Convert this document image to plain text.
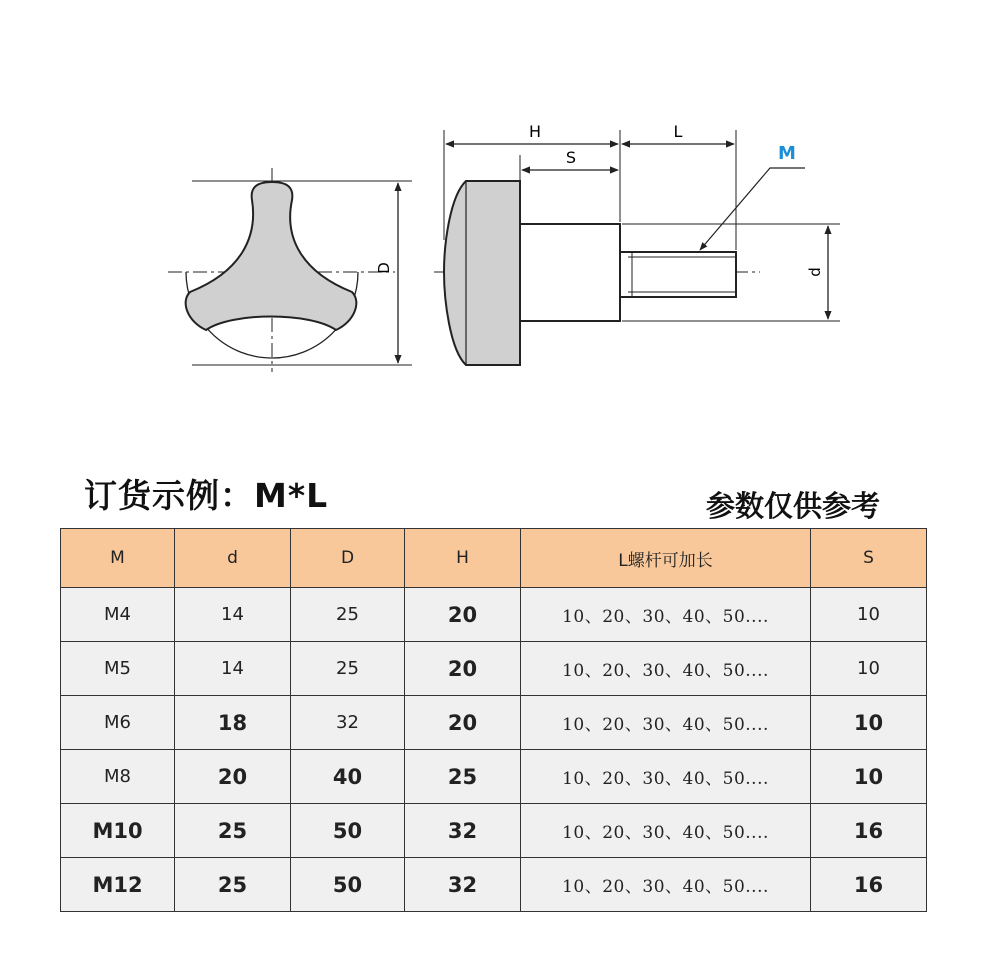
D
H
S
L
M
d
订货示例：M*L	参数仅供参考
M	d	D	H	L螺杆可加长	S
M4	14	25	20	10、20、30、40、50....	10
M5	14	25	20	10、20、30、40、50....	10
M6	18	32	20	10、20、30、40、50....	10
M8	20	40	25	10、20、30、40、50....	10
M10	25	50	32	10、20、30、40、50....	16
M12	25	50	32	10、20、30、40、50....	16
